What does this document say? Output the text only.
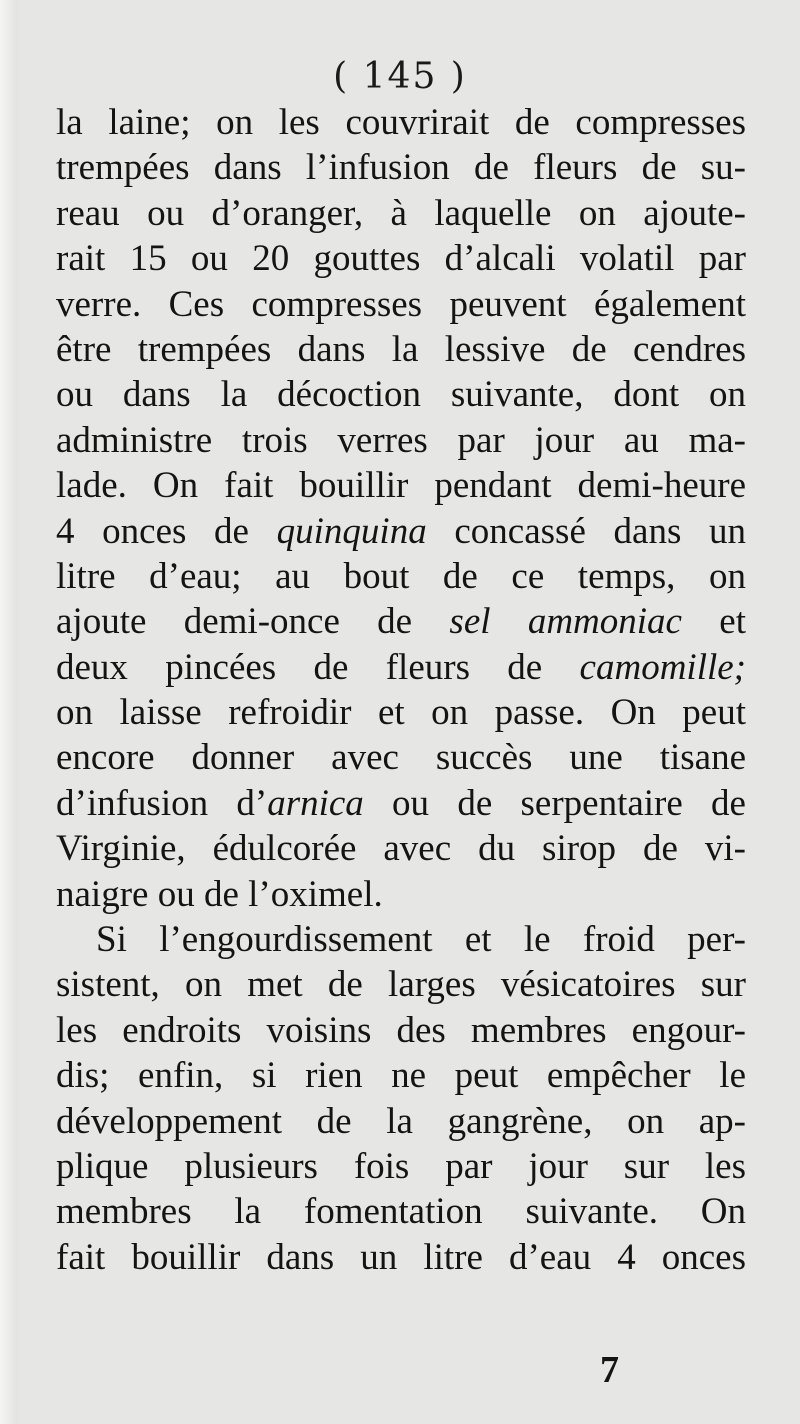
( 145 )
la laine; on les couvrirait de compresses
trempées dans l’infusion de fleurs de su-
reau ou d’oranger, à laquelle on ajoute-
rait 15 ou 20 gouttes d’alcali volatil par
verre. Ces compresses peuvent également
être trempées dans la lessive de cendres
ou dans la décoction suivante, dont on
administre trois verres par jour au ma-
lade. On fait bouillir pendant demi-heure
4 onces de quinquina concassé dans un
litre d’eau; au bout de ce temps, on
ajoute demi-once de sel ammoniac et
deux pincées de fleurs de camomille;
on laisse refroidir et on passe. On peut
encore donner avec succès une tisane
d’infusion d’arnica ou de serpentaire de
Virginie, édulcorée avec du sirop de vi-
naigre ou de l’oximel.
Si l’engourdissement et le froid per-
sistent, on met de larges vésicatoires sur
les endroits voisins des membres engour-
dis; enfin, si rien ne peut empêcher le
développement de la gangrène, on ap-
plique plusieurs fois par jour sur les
membres la fomentation suivante. On
fait bouillir dans un litre d’eau 4 onces
7
